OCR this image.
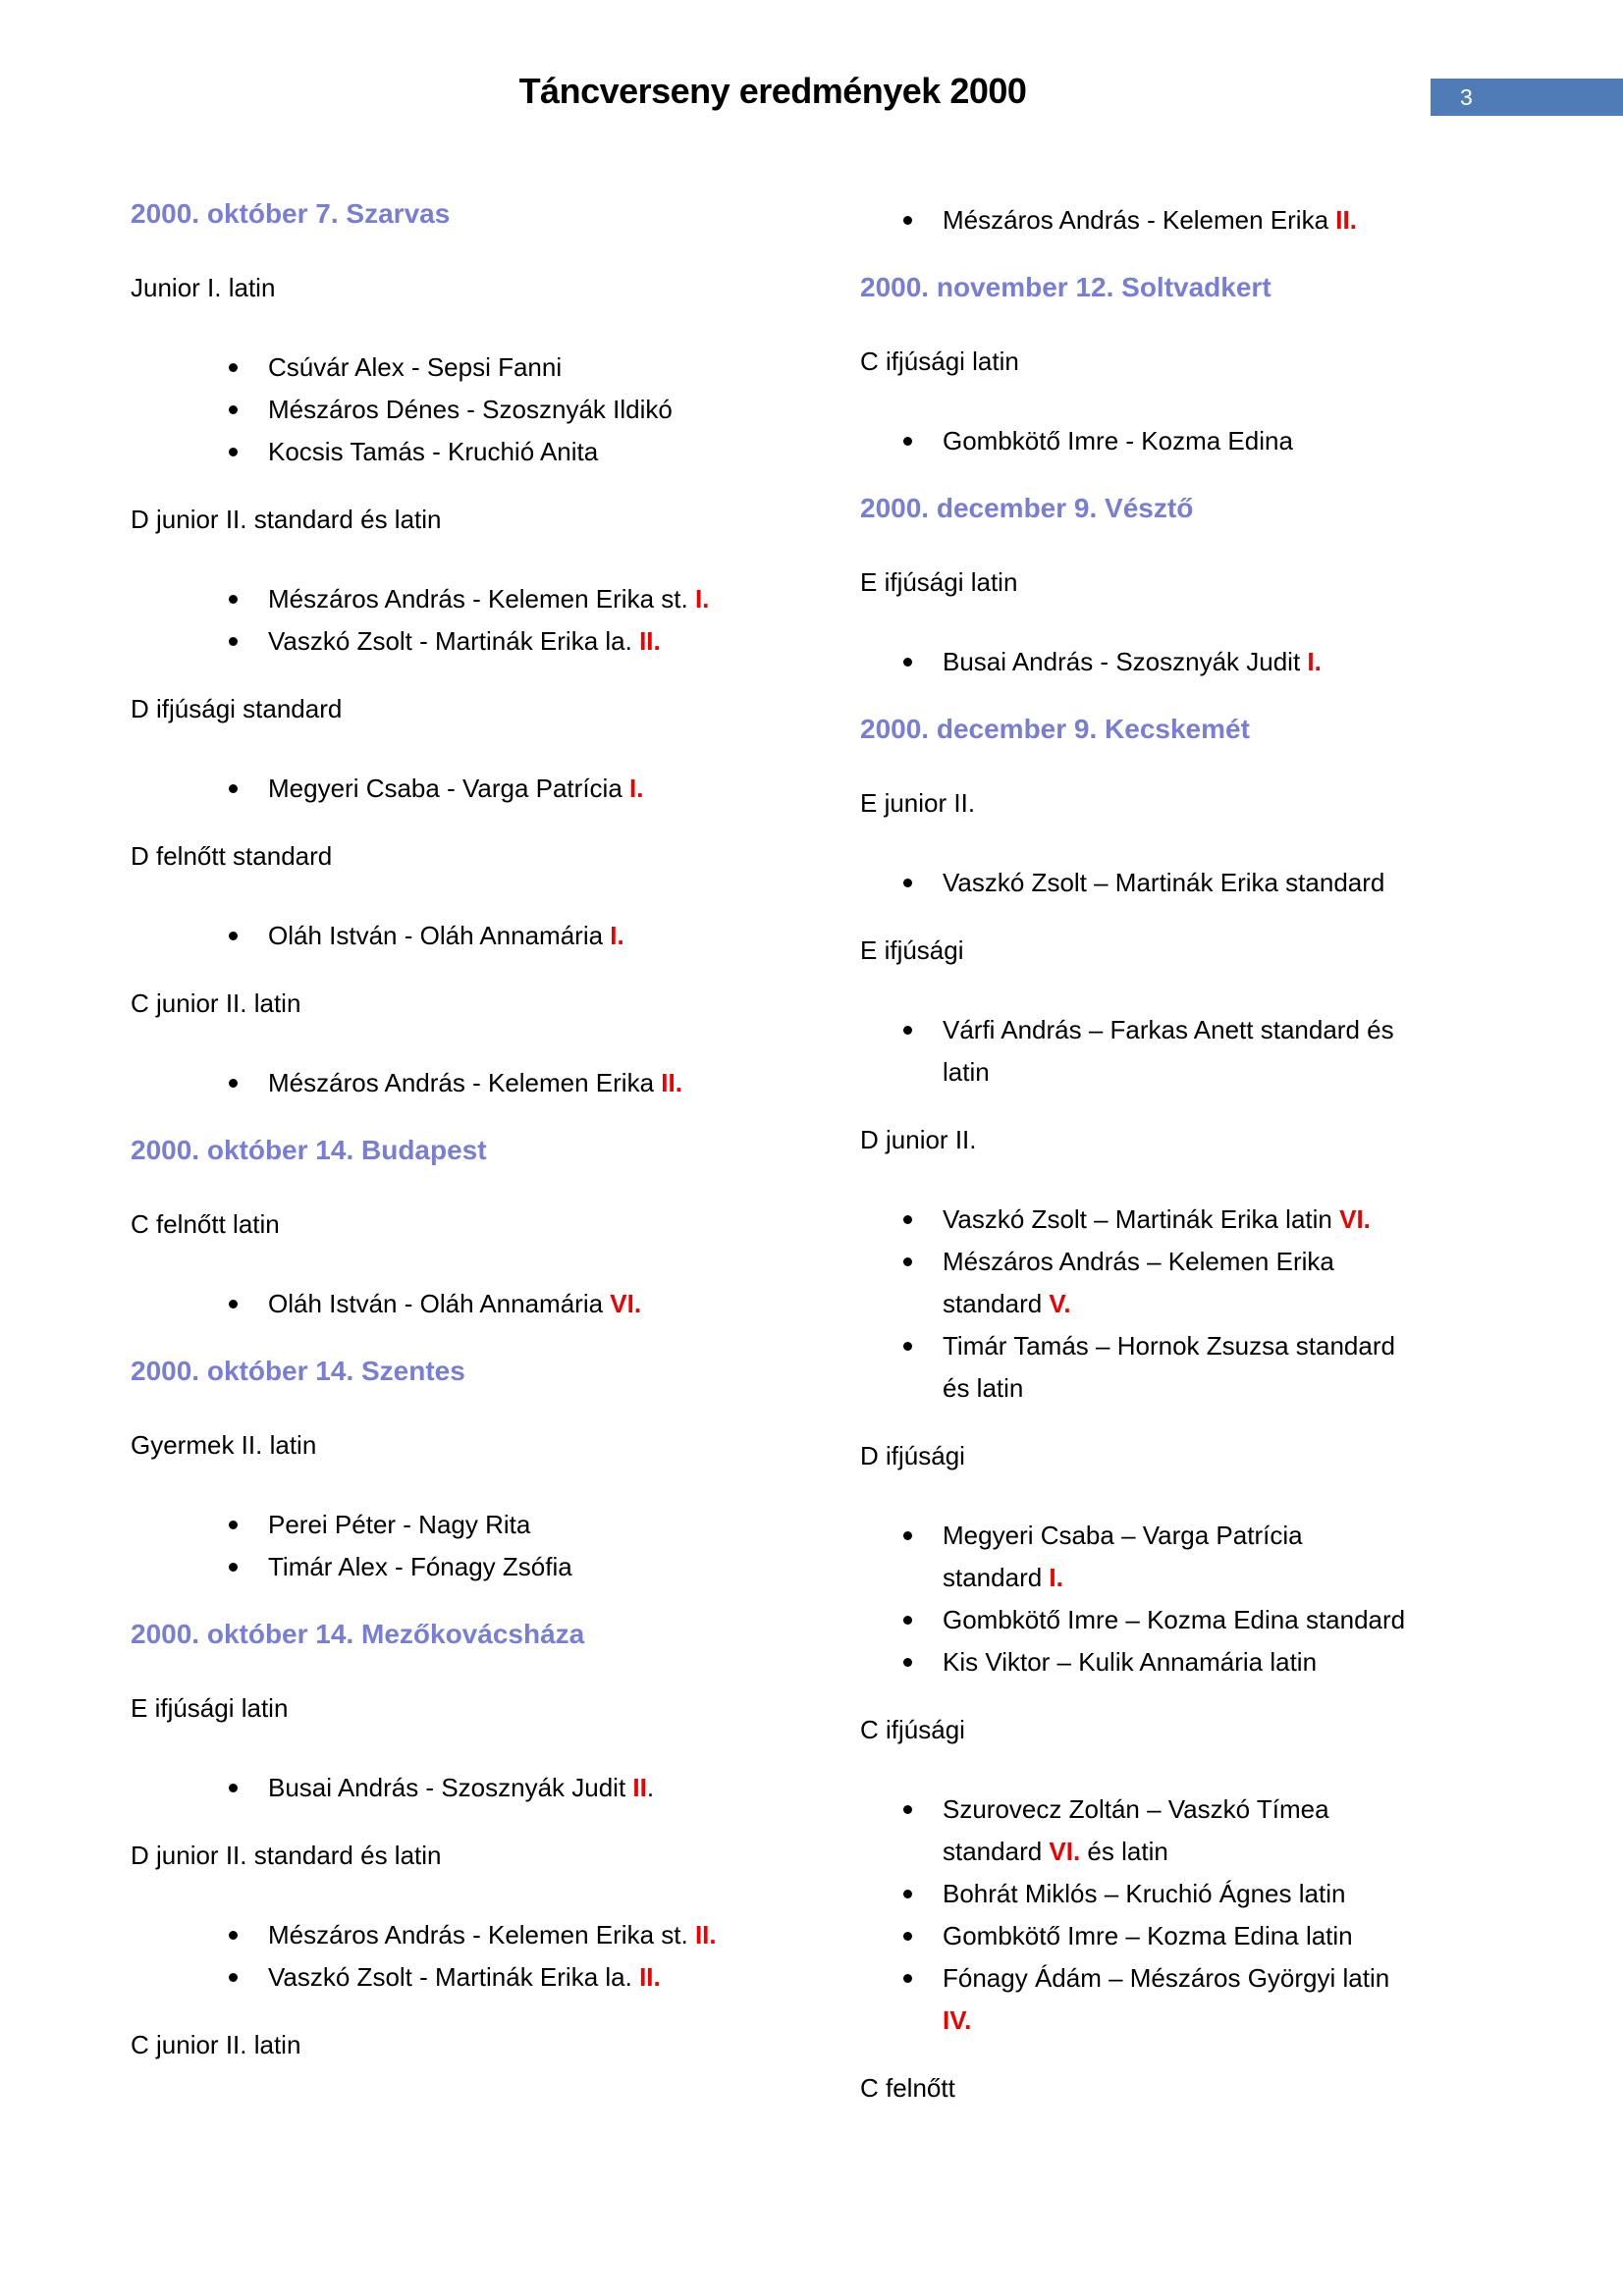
Táncverseny eredmények 2000	3

2000. október 7. Szarvas

Junior I. latin

Csúvár Alex - Sepsi Fanni
Mészáros Dénes - Szosznyák Ildikó
Kocsis Tamás - Kruchió Anita

D junior II. standard és latin

Mészáros András - Kelemen Erika st. I.
Vaszkó Zsolt - Martinák Erika la. II.

D ifjúsági standard

Megyeri Csaba - Varga Patrícia I.

D felnőtt standard

Oláh István - Oláh Annamária I.

C junior II. latin

Mészáros András - Kelemen Erika II.

2000. október 14. Budapest

C felnőtt latin

Oláh István - Oláh Annamária VI.

2000. október 14. Szentes

Gyermek II. latin

Perei Péter - Nagy Rita
Timár Alex - Fónagy Zsófia

2000. október 14. Mezőkovácsháza

E ifjúsági latin

Busai András - Szosznyák Judit II.

D junior II. standard és latin

Mészáros András - Kelemen Erika st. II.
Vaszkó Zsolt - Martinák Erika la. II.

C junior II. latin

Mészáros András - Kelemen Erika II.

2000. november 12. Soltvadkert

C ifjúsági latin

Gombkötő Imre - Kozma Edina

2000. december 9. Vésztő

E ifjúsági latin

Busai András - Szosznyák Judit I.

2000. december 9. Kecskemét

E junior II.

Vaszkó Zsolt – Martinák Erika standard

E ifjúsági

Várfi András – Farkas Anett standard és latin

D junior II.

Vaszkó Zsolt – Martinák Erika latin VI.
Mészáros András – Kelemen Erika standard V.
Timár Tamás – Hornok Zsuzsa standard és latin

D ifjúsági

Megyeri Csaba – Varga Patrícia standard I.
Gombkötő Imre – Kozma Edina standard
Kis Viktor – Kulik Annamária latin

C ifjúsági

Szurovecz Zoltán – Vaszkó Tímea standard VI. és latin
Bohrát Miklós – Kruchió Ágnes latin
Gombkötő Imre – Kozma Edina latin
Fónagy Ádám – Mészáros Györgyi latin IV.

C felnőtt
